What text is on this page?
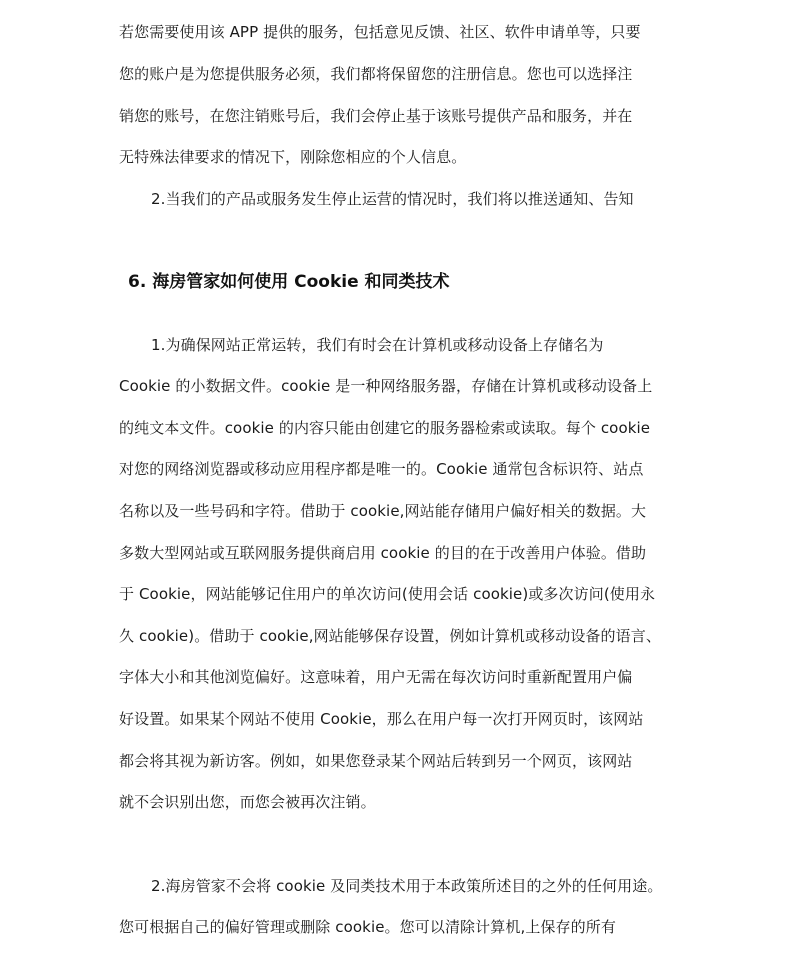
若您需要使用该 APP 提供的服务，包括意见反馈、社区、软件申请单等，只要
您的账户是为您提供服务必须，我们都将保留您的注册信息。您也可以选择注
销您的账号，在您注销账号后，我们会停止基于该账号提供产品和服务，并在
无特殊法律要求的情况下，刚除您相应的个人信息。
2.当我们的产品或服务发生停止运营的情况时，我们将以推送通知、告知
6. 海房管家如何使用 Cookie 和同类技术
1.为确保网站正常运转，我们有时会在计算机或移动设备上存储名为
Cookie 的小数据文件。cookie 是一种网络服务器，存储在计算机或移动设备上
的纯文本文件。cookie 的内容只能由创建它的服务器检索或读取。每个 cookie
对您的网络浏览器或移动应用程序都是唯一的。Cookie 通常包含标识符、站点
名称以及一些号码和字符。借助于 cookie,网站能存储用户偏好相关的数据。大
多数大型网站或互联网服务提供商启用 cookie 的目的在于改善用户体验。借助
于 Cookie，网站能够记住用户的单次访问(使用会话 cookie)或多次访问(使用永
久 cookie)。借助于 cookie,网站能够保存设置，例如计算机或移动设备的语言、
字体大小和其他浏览偏好。这意味着，用户无需在每次访问时重新配置用户偏
好设置。如果某个网站不使用 Cookie，那么在用户每一次打开网页时，该网站
都会将其视为新访客。例如，如果您登录某个网站后转到另一个网页，该网站
就不会识别出您，而您会被再次注销。
2.海房管家不会将 cookie 及同类技术用于本政策所述目的之外的任何用途。
您可根据自己的偏好管理或删除 cookie。您可以清除计算机,上保存的所有
